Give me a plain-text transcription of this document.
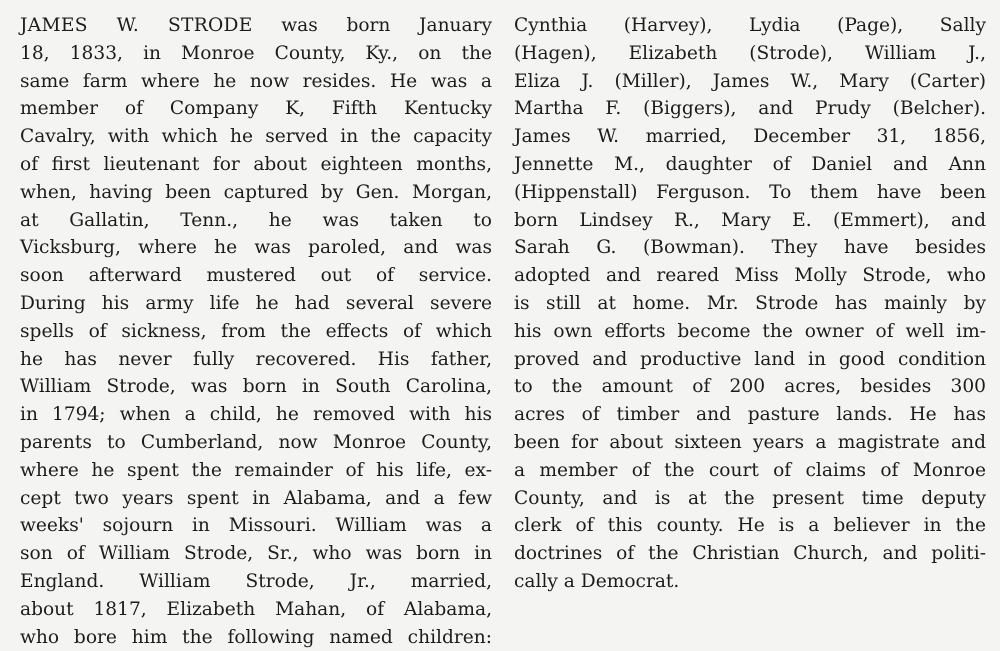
JAMES W. STRODE was born January
18, 1833, in Monroe County, Ky., on the
same farm where he now resides. He was a
member of Company K, Fifth Kentucky
Cavalry, with which he served in the capacity
of first lieutenant for about eighteen months,
when, having been captured by Gen. Morgan,
at Gallatin, Tenn., he was taken to
Vicksburg, where he was paroled, and was
soon afterward mustered out of service.
During his army life he had several severe
spells of sickness, from the effects of which
he has never fully recovered. His father,
William Strode, was born in South Carolina,
in 1794; when a child, he removed with his
parents to Cumberland, now Monroe County,
where he spent the remainder of his life, ex-
cept two years spent in Alabama, and a few
weeks' sojourn in Missouri. William was a
son of William Strode, Sr., who was born in
England. William Strode, Jr., married,
about 1817, Elizabeth Mahan, of Alabama,
who bore him the following named children:
Cynthia (Harvey), Lydia (Page), Sally
(Hagen), Elizabeth (Strode), William J.,
Eliza J. (Miller), James W., Mary (Carter)
Martha F. (Biggers), and Prudy (Belcher).
James W. married, December 31, 1856,
Jennette M., daughter of Daniel and Ann
(Hippenstall) Ferguson. To them have been
born Lindsey R., Mary E. (Emmert), and
Sarah G. (Bowman). They have besides
adopted and reared Miss Molly Strode, who
is still at home. Mr. Strode has mainly by
his own efforts become the owner of well im-
proved and productive land in good condition
to the amount of 200 acres, besides 300
acres of timber and pasture lands. He has
been for about sixteen years a magistrate and
a member of the court of claims of Monroe
County, and is at the present time deputy
clerk of this county. He is a believer in the
doctrines of the Christian Church, and politi-
cally a Democrat.
